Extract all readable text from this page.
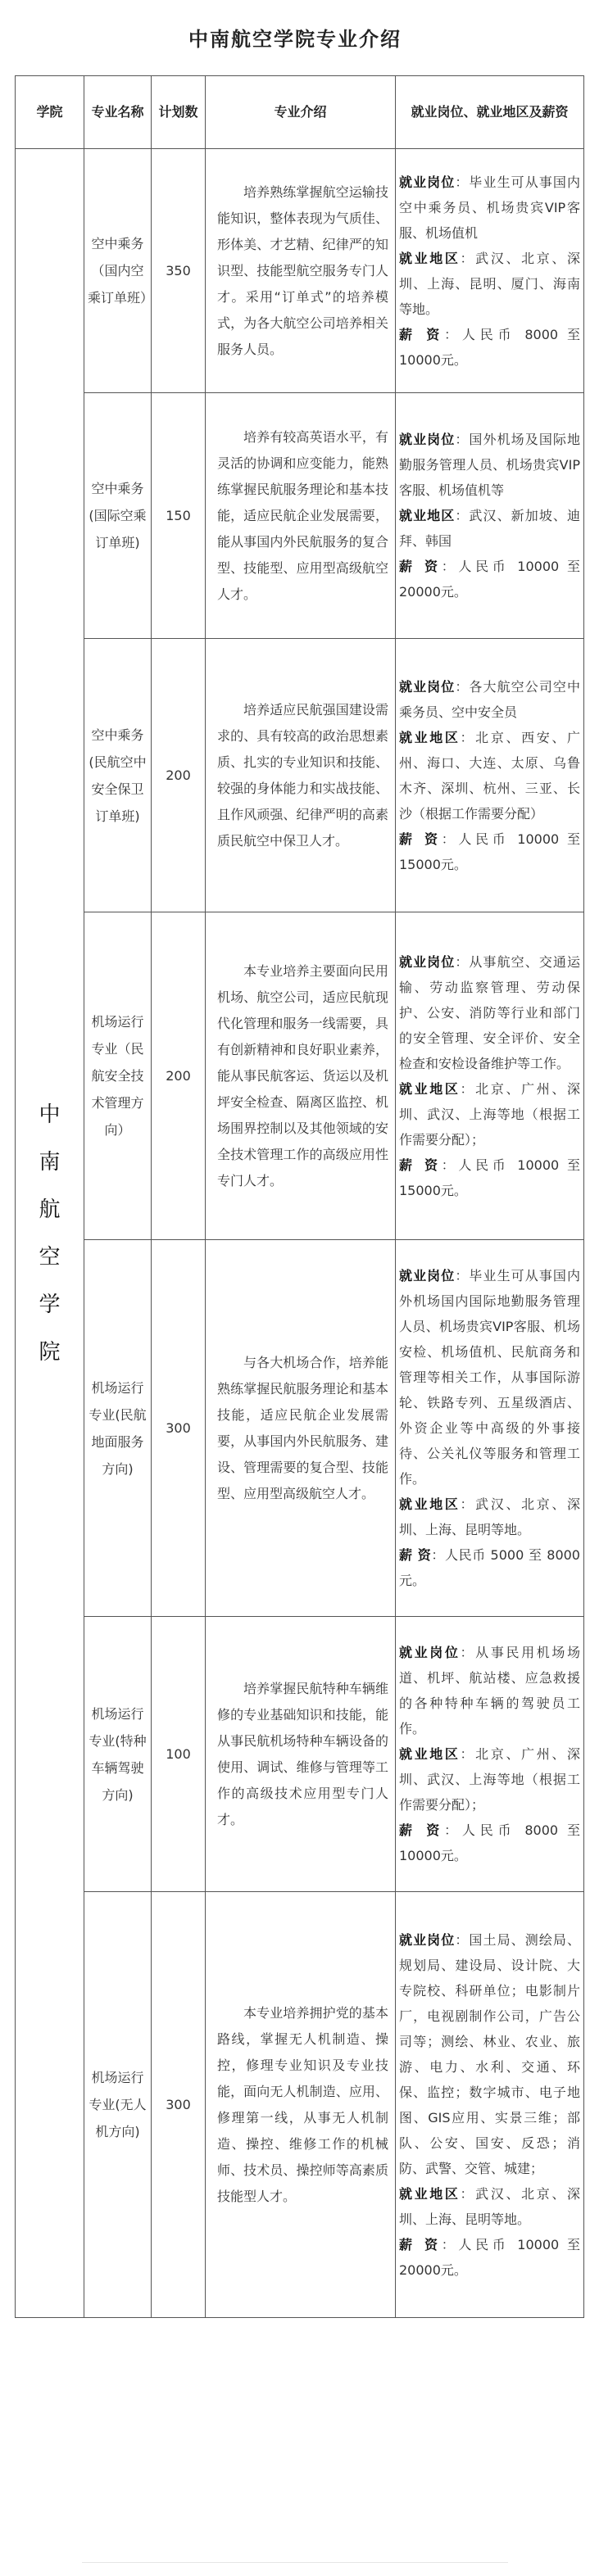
中南航空学院专业介绍
学院	专业名称	计划数	专业介绍	就业岗位、就业地区及薪资
中南航空学院	空中乘务（国内空乘订单班）	350	培养熟练掌握航空运输技能知识，整体表现为气质佳、形体美、才艺精、纪律严的知识型、技能型航空服务专门人才。采用“订单式”的培养模式，为各大航空公司培养相关服务人员。	就业岗位：毕业生可从事国内空中乘务员、机场贵宾VIP客服、机场值机
就业地区：武汉、北京、深圳、上海、昆明、厦门、海南等地。
薪 资：人民币 8000 至 10000元。

	空中乘务(国际空乘订单班)	150	培养有较高英语水平，有灵活的协调和应变能力，能熟练掌握民航服务理论和基本技能，适应民航企业发展需要，能从事国内外民航服务的复合型、技能型、应用型高级航空人才。	就业岗位：国外机场及国际地勤服务管理人员、机场贵宾VIP客服、机场值机等
就业地区：武汉、新加坡、迪拜、韩国
薪 资：人民币 10000 至 20000元。

	空中乘务(民航空中安全保卫订单班)	200	培养适应民航强国建设需求的、具有较高的政治思想素质、扎实的专业知识和技能、较强的身体能力和实战技能、且作风顽强、纪律严明的高素质民航空中保卫人才。	就业岗位：各大航空公司空中乘务员、空中安全员
就业地区：北京、西安、广州、海口、大连、太原、乌鲁木齐、深圳、杭州、三亚、长沙（根据工作需要分配）
薪 资：人民币 10000 至 15000元。

	机场运行专业（民航安全技术管理方向）	200	本专业培养主要面向民用机场、航空公司，适应民航现代化管理和服务一线需要，具有创新精神和良好职业素养，能从事民航客运、货运以及机坪安全检查、隔离区监控、机场围界控制以及其他领域的安全技术管理工作的高级应用性专门人才。	就业岗位：从事航空、交通运输、劳动监察管理、劳动保护、公安、消防等行业和部门的安全管理、安全评价、安全检查和安检设备维护等工作。
就业地区：北京、广州、深圳、武汉、上海等地（根据工作需要分配）；
薪 资：人民币 10000 至 15000元。

	机场运行专业(民航地面服务方向)	300	与各大机场合作，培养能熟练掌握民航服务理论和基本技能，适应民航企业发展需要，从事国内外民航服务、建设、管理需要的复合型、技能型、应用型高级航空人才。	就业岗位：毕业生可从事国内外机场国内国际地勤服务管理人员、机场贵宾VIP客服、机场安检、机场值机、民航商务和管理等相关工作，从事国际游轮、铁路专列、五星级酒店、外资企业等中高级的外事接待、公关礼仪等服务和管理工作。
就业地区：武汉、北京、深圳、上海、昆明等地。
薪 资：人民币 5000 至 8000元。

	机场运行专业(特种车辆驾驶方向)	100	培养掌握民航特种车辆维修的专业基础知识和技能，能从事民航机场特种车辆设备的使用、调试、维修与管理等工作的高级技术应用型专门人才。	就业岗位：从事民用机场场道、机坪、航站楼、应急救援的各种特种车辆的驾驶员工作。
就业地区：北京、广州、深圳、武汉、上海等地（根据工作需要分配）；
薪 资：人民币 8000 至 10000元。

	机场运行专业(无人机方向)	300	本专业培养拥护党的基本路线，掌握无人机制造、操控，修理专业知识及专业技能，面向无人机制造、应用、修理第一线，从事无人机制造、操控、维修工作的机械师、技术员、操控师等高素质技能型人才。	就业岗位：国土局、测绘局、规划局、建设局、设计院、大专院校、科研单位；电影制片厂，电视剧制作公司，广告公司等；测绘、林业、农业、旅游、电力、水利、交通、环保、监控；数字城市、电子地图、GIS应用、实景三维；部队、公安、国安、反恐；消防、武警、交管、城建；
就业地区：武汉、北京、深圳、上海、昆明等地。
薪 资：人民币 10000 至 20000元。
